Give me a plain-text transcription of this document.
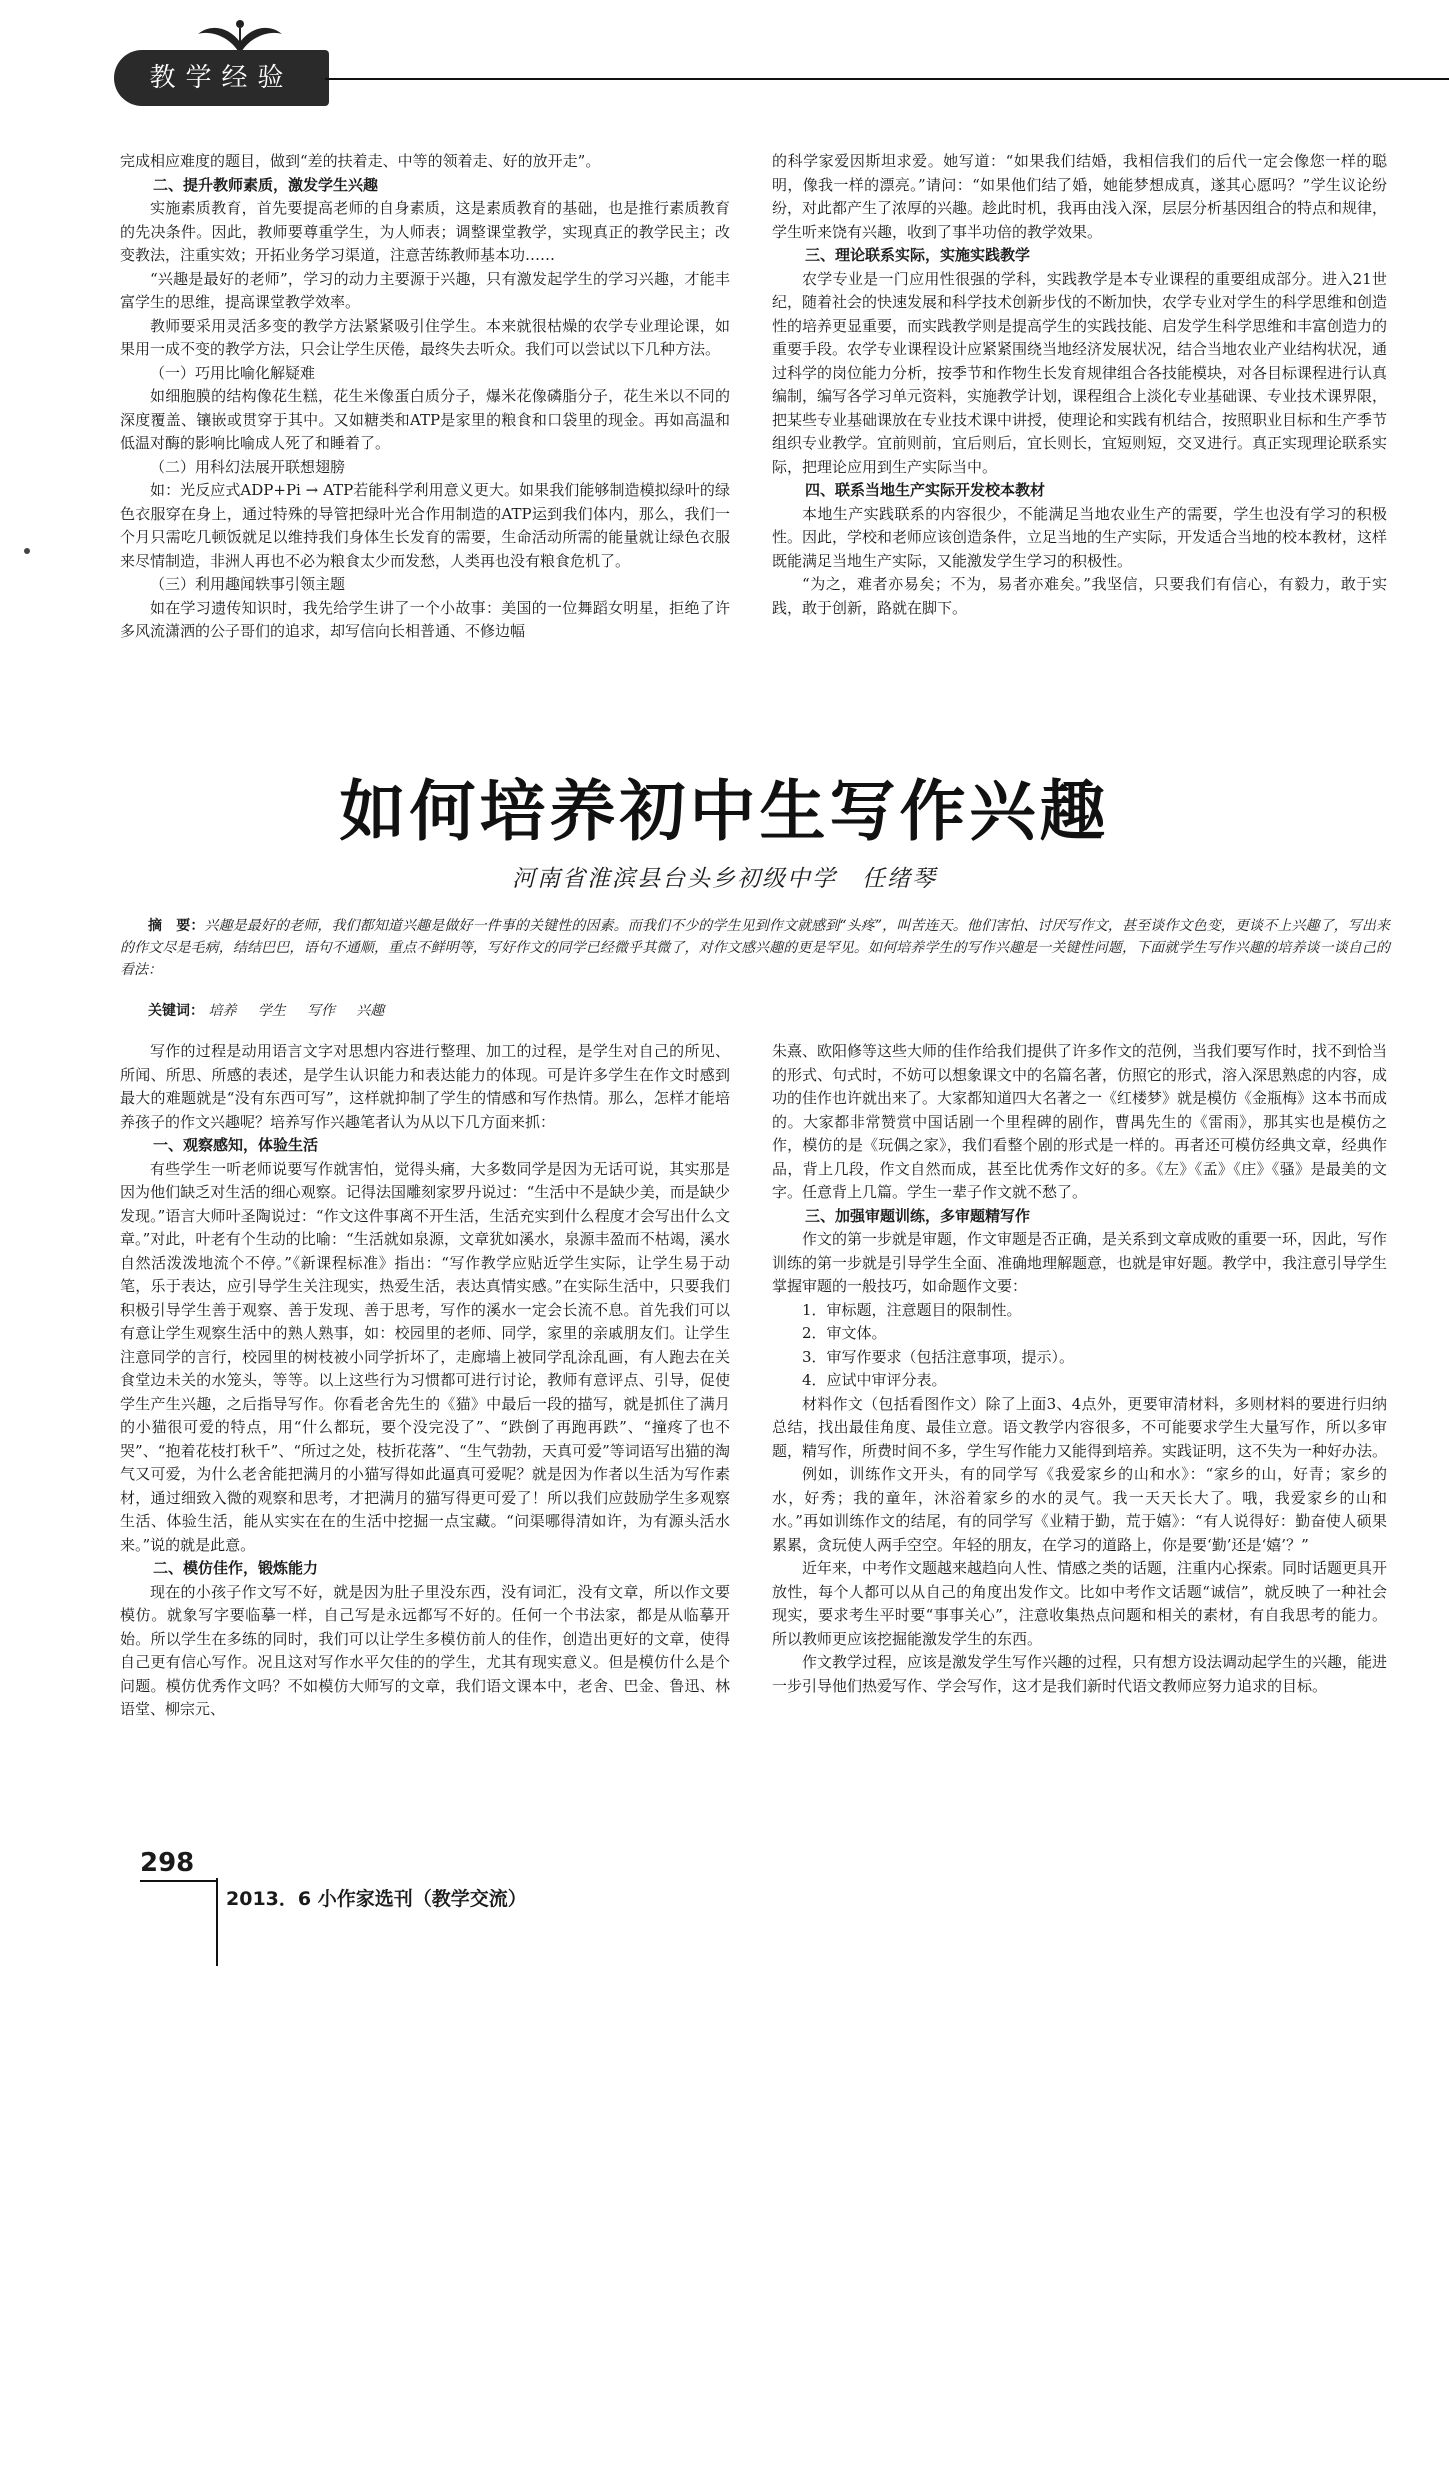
教学经验

完成相应难度的题目，做到“差的扶着走、中等的领着走、好的放开走”。

二、提升教师素质，激发学生兴趣

实施素质教育，首先要提高老师的自身素质，这是素质教育的基础，也是推行素质教育的先决条件。因此，教师要尊重学生，为人师表；调整课堂教学，实现真正的教学民主；改变教法，注重实效；开拓业务学习渠道，注意苦练教师基本功……

“兴趣是最好的老师”，学习的动力主要源于兴趣，只有激发起学生的学习兴趣，才能丰富学生的思维，提高课堂教学效率。

教师要采用灵活多变的教学方法紧紧吸引住学生。本来就很枯燥的农学专业理论课，如果用一成不变的教学方法，只会让学生厌倦，最终失去听众。我们可以尝试以下几种方法。

（一）巧用比喻化解疑难

如细胞膜的结构像花生糕，花生米像蛋白质分子，爆米花像磷脂分子，花生米以不同的深度覆盖、镶嵌或贯穿于其中。又如糖类和ATP是家里的粮食和口袋里的现金。再如高温和低温对酶的影响比喻成人死了和睡着了。

（二）用科幻法展开联想翅膀

如：光反应式ADP+Pi → ATP若能科学利用意义更大。如果我们能够制造模拟绿叶的绿色衣服穿在身上，通过特殊的导管把绿叶光合作用制造的ATP运到我们体内，那么，我们一个月只需吃几顿饭就足以维持我们身体生长发育的需要，生命活动所需的能量就让绿色衣服来尽情制造，非洲人再也不必为粮食太少而发愁，人类再也没有粮食危机了。

（三）利用趣闻轶事引领主题

如在学习遗传知识时，我先给学生讲了一个小故事：美国的一位舞蹈女明星，拒绝了许多风流潇洒的公子哥们的追求，却写信向长相普通、不修边幅

的科学家爱因斯坦求爱。她写道：“如果我们结婚，我相信我们的后代一定会像您一样的聪明，像我一样的漂亮。”请问：“如果他们结了婚，她能梦想成真，遂其心愿吗？”学生议论纷纷，对此都产生了浓厚的兴趣。趁此时机，我再由浅入深，层层分析基因组合的特点和规律，学生听来饶有兴趣，收到了事半功倍的教学效果。

三、理论联系实际，实施实践教学

农学专业是一门应用性很强的学科，实践教学是本专业课程的重要组成部分。进入21世纪，随着社会的快速发展和科学技术创新步伐的不断加快，农学专业对学生的科学思维和创造性的培养更显重要，而实践教学则是提高学生的实践技能、启发学生科学思维和丰富创造力的重要手段。农学专业课程设计应紧紧围绕当地经济发展状况，结合当地农业产业结构状况，通过科学的岗位能力分析，按季节和作物生长发育规律组合各技能模块，对各目标课程进行认真编制，编写各学习单元资料，实施教学计划，课程组合上淡化专业基础课、专业技术课界限，把某些专业基础课放在专业技术课中讲授，使理论和实践有机结合，按照职业目标和生产季节组织专业教学。宜前则前，宜后则后，宜长则长，宜短则短，交叉进行。真正实现理论联系实际，把理论应用到生产实际当中。

四、联系当地生产实际开发校本教材

本地生产实践联系的内容很少，不能满足当地农业生产的需要，学生也没有学习的积极性。因此，学校和老师应该创造条件，立足当地的生产实际，开发适合当地的校本教材，这样既能满足当地生产实际，又能激发学生学习的积极性。

“为之，难者亦易矣；不为，易者亦难矣。”我坚信，只要我们有信心，有毅力，敢于实践，敢于创新，路就在脚下。

如何培养初中生写作兴趣
河南省淮滨县台头乡初级中学　任绪琴
摘　要：兴趣是最好的老师，我们都知道兴趣是做好一件事的关键性的因素。而我们不少的学生见到作文就感到“头疼”，叫苦连天。他们害怕、讨厌写作文，甚至谈作文色变，更谈不上兴趣了，写出来的作文尽是毛病，结结巴巴，语句不通顺，重点不鲜明等，写好作文的同学已经微乎其微了，对作文感兴趣的更是罕见。如何培养学生的写作兴趣是一关键性问题，下面就学生写作兴趣的培养谈一谈自己的看法：
关键词： 培养 学生 写作 兴趣

写作的过程是动用语言文字对思想内容进行整理、加工的过程，是学生对自己的所见、所闻、所思、所感的表述，是学生认识能力和表达能力的体现。可是许多学生在作文时感到最大的难题就是“没有东西可写”，这样就抑制了学生的情感和写作热情。那么，怎样才能培养孩子的作文兴趣呢？培养写作兴趣笔者认为从以下几方面来抓：

一、观察感知，体验生活

有些学生一听老师说要写作就害怕，觉得头痛，大多数同学是因为无话可说，其实那是因为他们缺乏对生活的细心观察。记得法国雕刻家罗丹说过：“生活中不是缺少美，而是缺少发现。”语言大师叶圣陶说过：“作文这件事离不开生活，生活充实到什么程度才会写出什么文章。”对此，叶老有个生动的比喻：“生活就如泉源，文章犹如溪水，泉源丰盈而不枯竭，溪水自然活泼泼地流个不停。”《新课程标准》指出：“写作教学应贴近学生实际，让学生易于动笔，乐于表达，应引导学生关注现实，热爱生活，表达真情实感。”在实际生活中，只要我们积极引导学生善于观察、善于发现、善于思考，写作的溪水一定会长流不息。首先我们可以有意让学生观察生活中的熟人熟事，如：校园里的老师、同学，家里的亲戚朋友们。让学生注意同学的言行，校园里的树枝被小同学折坏了，走廊墙上被同学乱涂乱画，有人跑去在关食堂边未关的水笼头，等等。以上这些行为习惯都可进行讨论，教师有意评点、引导，促使学生产生兴趣，之后指导写作。你看老舍先生的《猫》中最后一段的描写，就是抓住了满月的小猫很可爱的特点，用“什么都玩，要个没完没了”、“跌倒了再跑再跌”、“撞疼了也不哭”、“抱着花枝打秋千”、“所过之处，枝折花落”、“生气勃勃，天真可爱”等词语写出猫的淘气又可爱，为什么老舍能把满月的小猫写得如此逼真可爱呢？就是因为作者以生活为写作素材，通过细致入微的观察和思考，才把满月的猫写得更可爱了！所以我们应鼓励学生多观察生活、体验生活，能从实实在在的生活中挖掘一点宝藏。“问渠哪得清如许，为有源头活水来。”说的就是此意。

二、模仿佳作，锻炼能力

现在的小孩子作文写不好，就是因为肚子里没东西，没有词汇，没有文章，所以作文要模仿。就象写字要临摹一样，自己写是永远都写不好的。任何一个书法家，都是从临摹开始。所以学生在多练的同时，我们可以让学生多模仿前人的佳作，创造出更好的文章，使得自己更有信心写作。况且这对写作水平欠佳的的学生，尤其有现实意义。但是模仿什么是个问题。模仿优秀作文吗？不如模仿大师写的文章，我们语文课本中，老舍、巴金、鲁迅、林语堂、柳宗元、

朱熹、欧阳修等这些大师的佳作给我们提供了许多作文的范例，当我们要写作时，找不到恰当的形式、句式时，不妨可以想象课文中的名篇名著，仿照它的形式，溶入深思熟虑的内容，成功的佳作也许就出来了。大家都知道四大名著之一《红楼梦》就是模仿《金瓶梅》这本书而成的。大家都非常赞赏中国话剧一个里程碑的剧作，曹禺先生的《雷雨》，那其实也是模仿之作，模仿的是《玩偶之家》，我们看整个剧的形式是一样的。再者还可模仿经典文章，经典作品，背上几段，作文自然而成，甚至比优秀作文好的多。《左》《孟》《庄》《骚》是最美的文字。任意背上几篇。学生一辈子作文就不愁了。

三、加强审题训练，多审题精写作

作文的第一步就是审题，作文审题是否正确，是关系到文章成败的重要一环，因此，写作训练的第一步就是引导学生全面、准确地理解题意，也就是审好题。教学中，我注意引导学生掌握审题的一般技巧，如命题作文要：

1．审标题，注意题目的限制性。

2．审文体。

3．审写作要求（包括注意事项，提示）。

4．应试中审评分表。

材料作文（包括看图作文）除了上面3、4点外，更要审清材料，多则材料的要进行归纳总结，找出最佳角度、最佳立意。语文教学内容很多，不可能要求学生大量写作，所以多审题，精写作，所费时间不多，学生写作能力又能得到培养。实践证明，这不失为一种好办法。

例如，训练作文开头，有的同学写《我爱家乡的山和水》：“家乡的山，好青；家乡的水，好秀；我的童年，沐浴着家乡的水的灵气。我一天天长大了。哦，我爱家乡的山和水。”再如训练作文的结尾，有的同学写《业精于勤，荒于嬉》：“有人说得好：勤奋使人硕果累累，贪玩使人两手空空。年轻的朋友，在学习的道路上，你是要‘勤’还是‘嬉’？”

近年来，中考作文题越来越趋向人性、情感之类的话题，注重内心探索。同时话题更具开放性，每个人都可以从自己的角度出发作文。比如中考作文话题“诚信”，就反映了一种社会现实，要求考生平时要“事事关心”，注意收集热点问题和相关的素材，有自我思考的能力。所以教师更应该挖掘能激发学生的东西。

作文教学过程，应该是激发学生写作兴趣的过程，只有想方设法调动起学生的兴趣，能进一步引导他们热爱写作、学会写作，这才是我们新时代语文教师应努力追求的目标。

298
2013．6 小作家选刊（教学交流）
